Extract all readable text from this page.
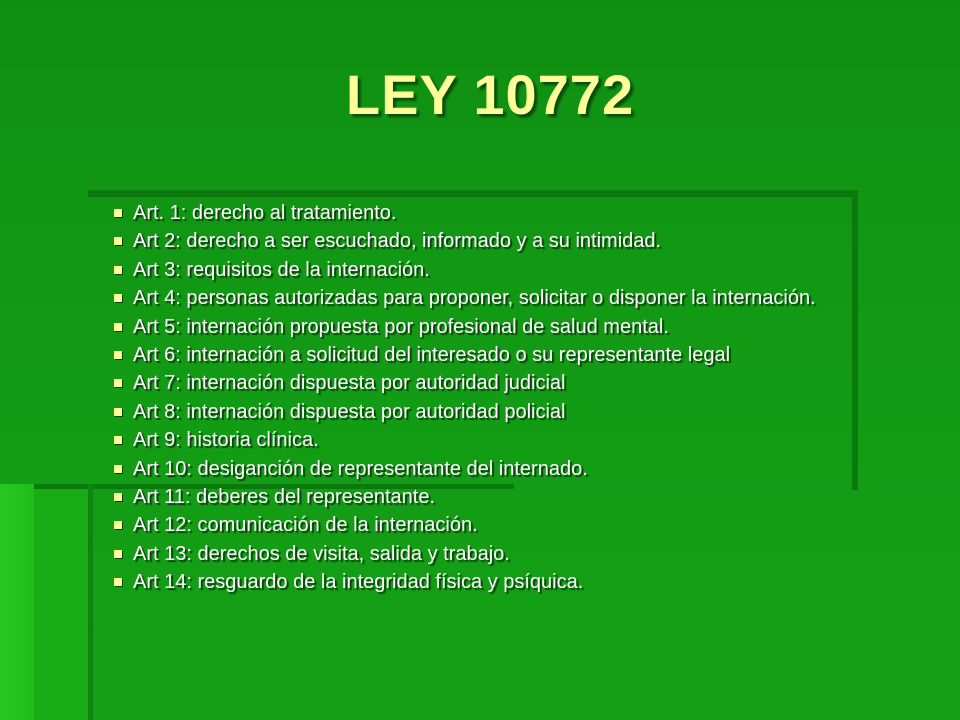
LEY 10772
Art. 1: derecho al tratamiento.
Art 2: derecho a ser escuchado, informado y a su intimidad.
Art 3: requisitos de la internación.
Art 4: personas autorizadas para proponer, solicitar o disponer la internación.
Art 5: internación propuesta por profesional de salud mental.
Art 6: internación a solicitud del interesado o su representante legal
Art 7: internación dispuesta por autoridad judicial
Art 8: internación dispuesta por autoridad policial
Art 9: historia clínica.
Art 10: desiganción de representante del internado.
Art 11: deberes del representante.
Art 12: comunicación de la internación.
Art 13: derechos de visita, salida y trabajo.
Art 14: resguardo de la integridad física y psíquica.
